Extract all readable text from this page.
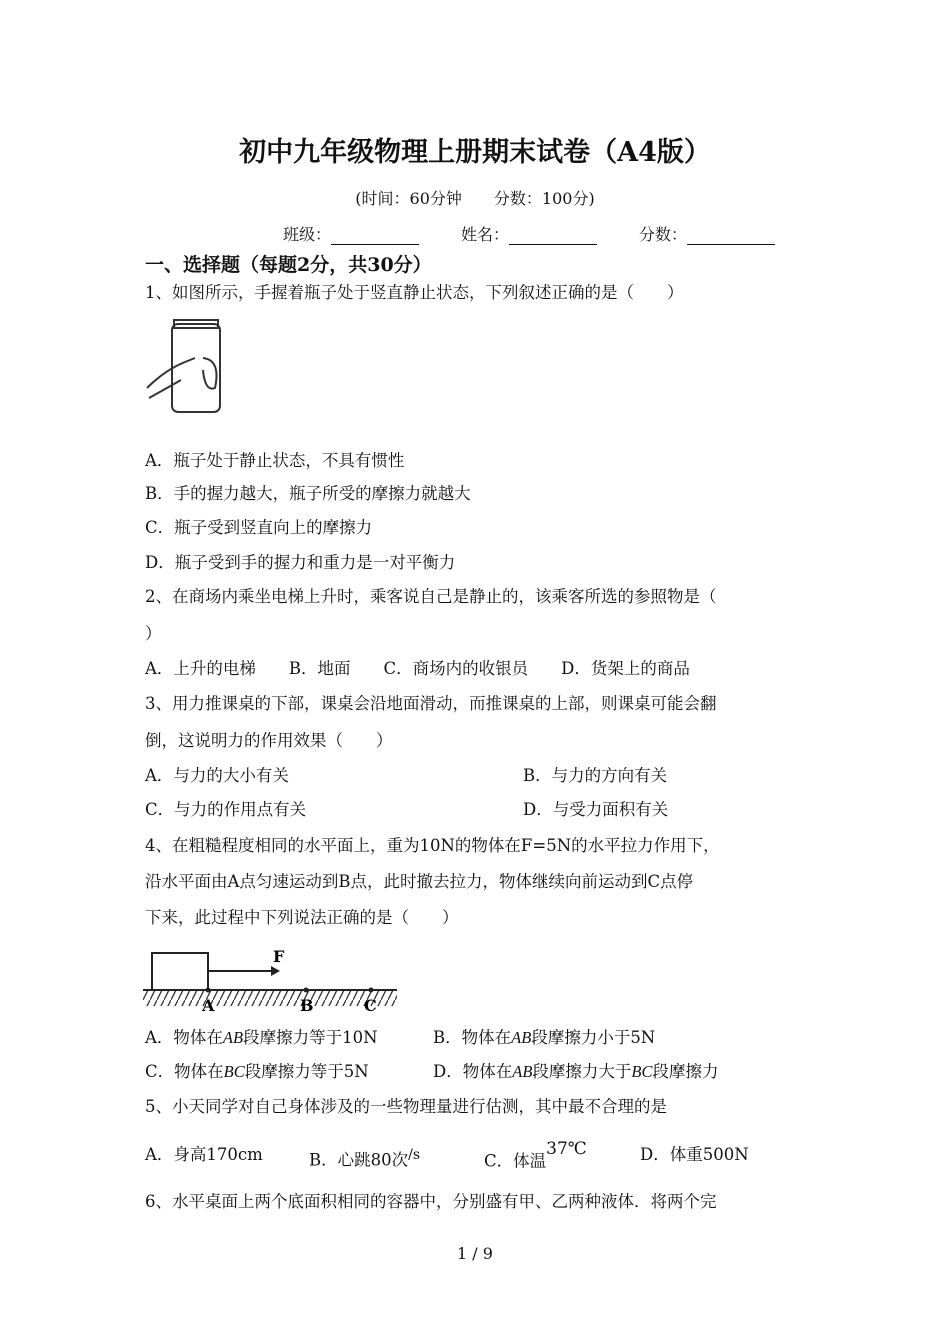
初中九年级物理上册期末试卷（A4版）
(时间：60分钟　　分数：100分)
班级：	姓名：	分数：
一、选择题（每题2分，共30分）
1、如图所示，手握着瓶子处于竖直静止状态，下列叙述正确的是（　　）
A．瓶子处于静止状态，不具有惯性
B．手的握力越大，瓶子所受的摩擦力就越大
C．瓶子受到竖直向上的摩擦力
D．瓶子受到手的握力和重力是一对平衡力
2、在商场内乘坐电梯上升时，乘客说自己是静止的，该乘客所选的参照物是（
）
A．上升的电梯　　B．地面　　C．商场内的收银员　　D．货架上的商品
3、用力推课桌的下部，课桌会沿地面滑动，而推课桌的上部，则课桌可能会翻
倒，这说明力的作用效果（　　）
A．与力的大小有关	B．与力的方向有关
C．与力的作用点有关	D．与受力面积有关
4、在粗糙程度相同的水平面上，重为10N的物体在F=5N的水平拉力作用下，
沿水平面由A点匀速运动到B点，此时撤去拉力，物体继续向前运动到C点停
下来，此过程中下列说法正确的是（　　）
F
A	B	C
A．物体在AB段摩擦力等于10N	B．物体在AB段摩擦力小于5N
C．物体在BC段摩擦力等于5N	D．物体在AB段摩擦力大于BC段摩擦力
5、小天同学对自己身体涉及的一些物理量进行估测，其中最不合理的是
A．身高170cm	B．心跳80次$^{/s}$	C．体温$^{37℃}$	D．体重500N
6、水平桌面上两个底面积相同的容器中，分别盛有甲、乙两种液体．将两个完
1 / 9
